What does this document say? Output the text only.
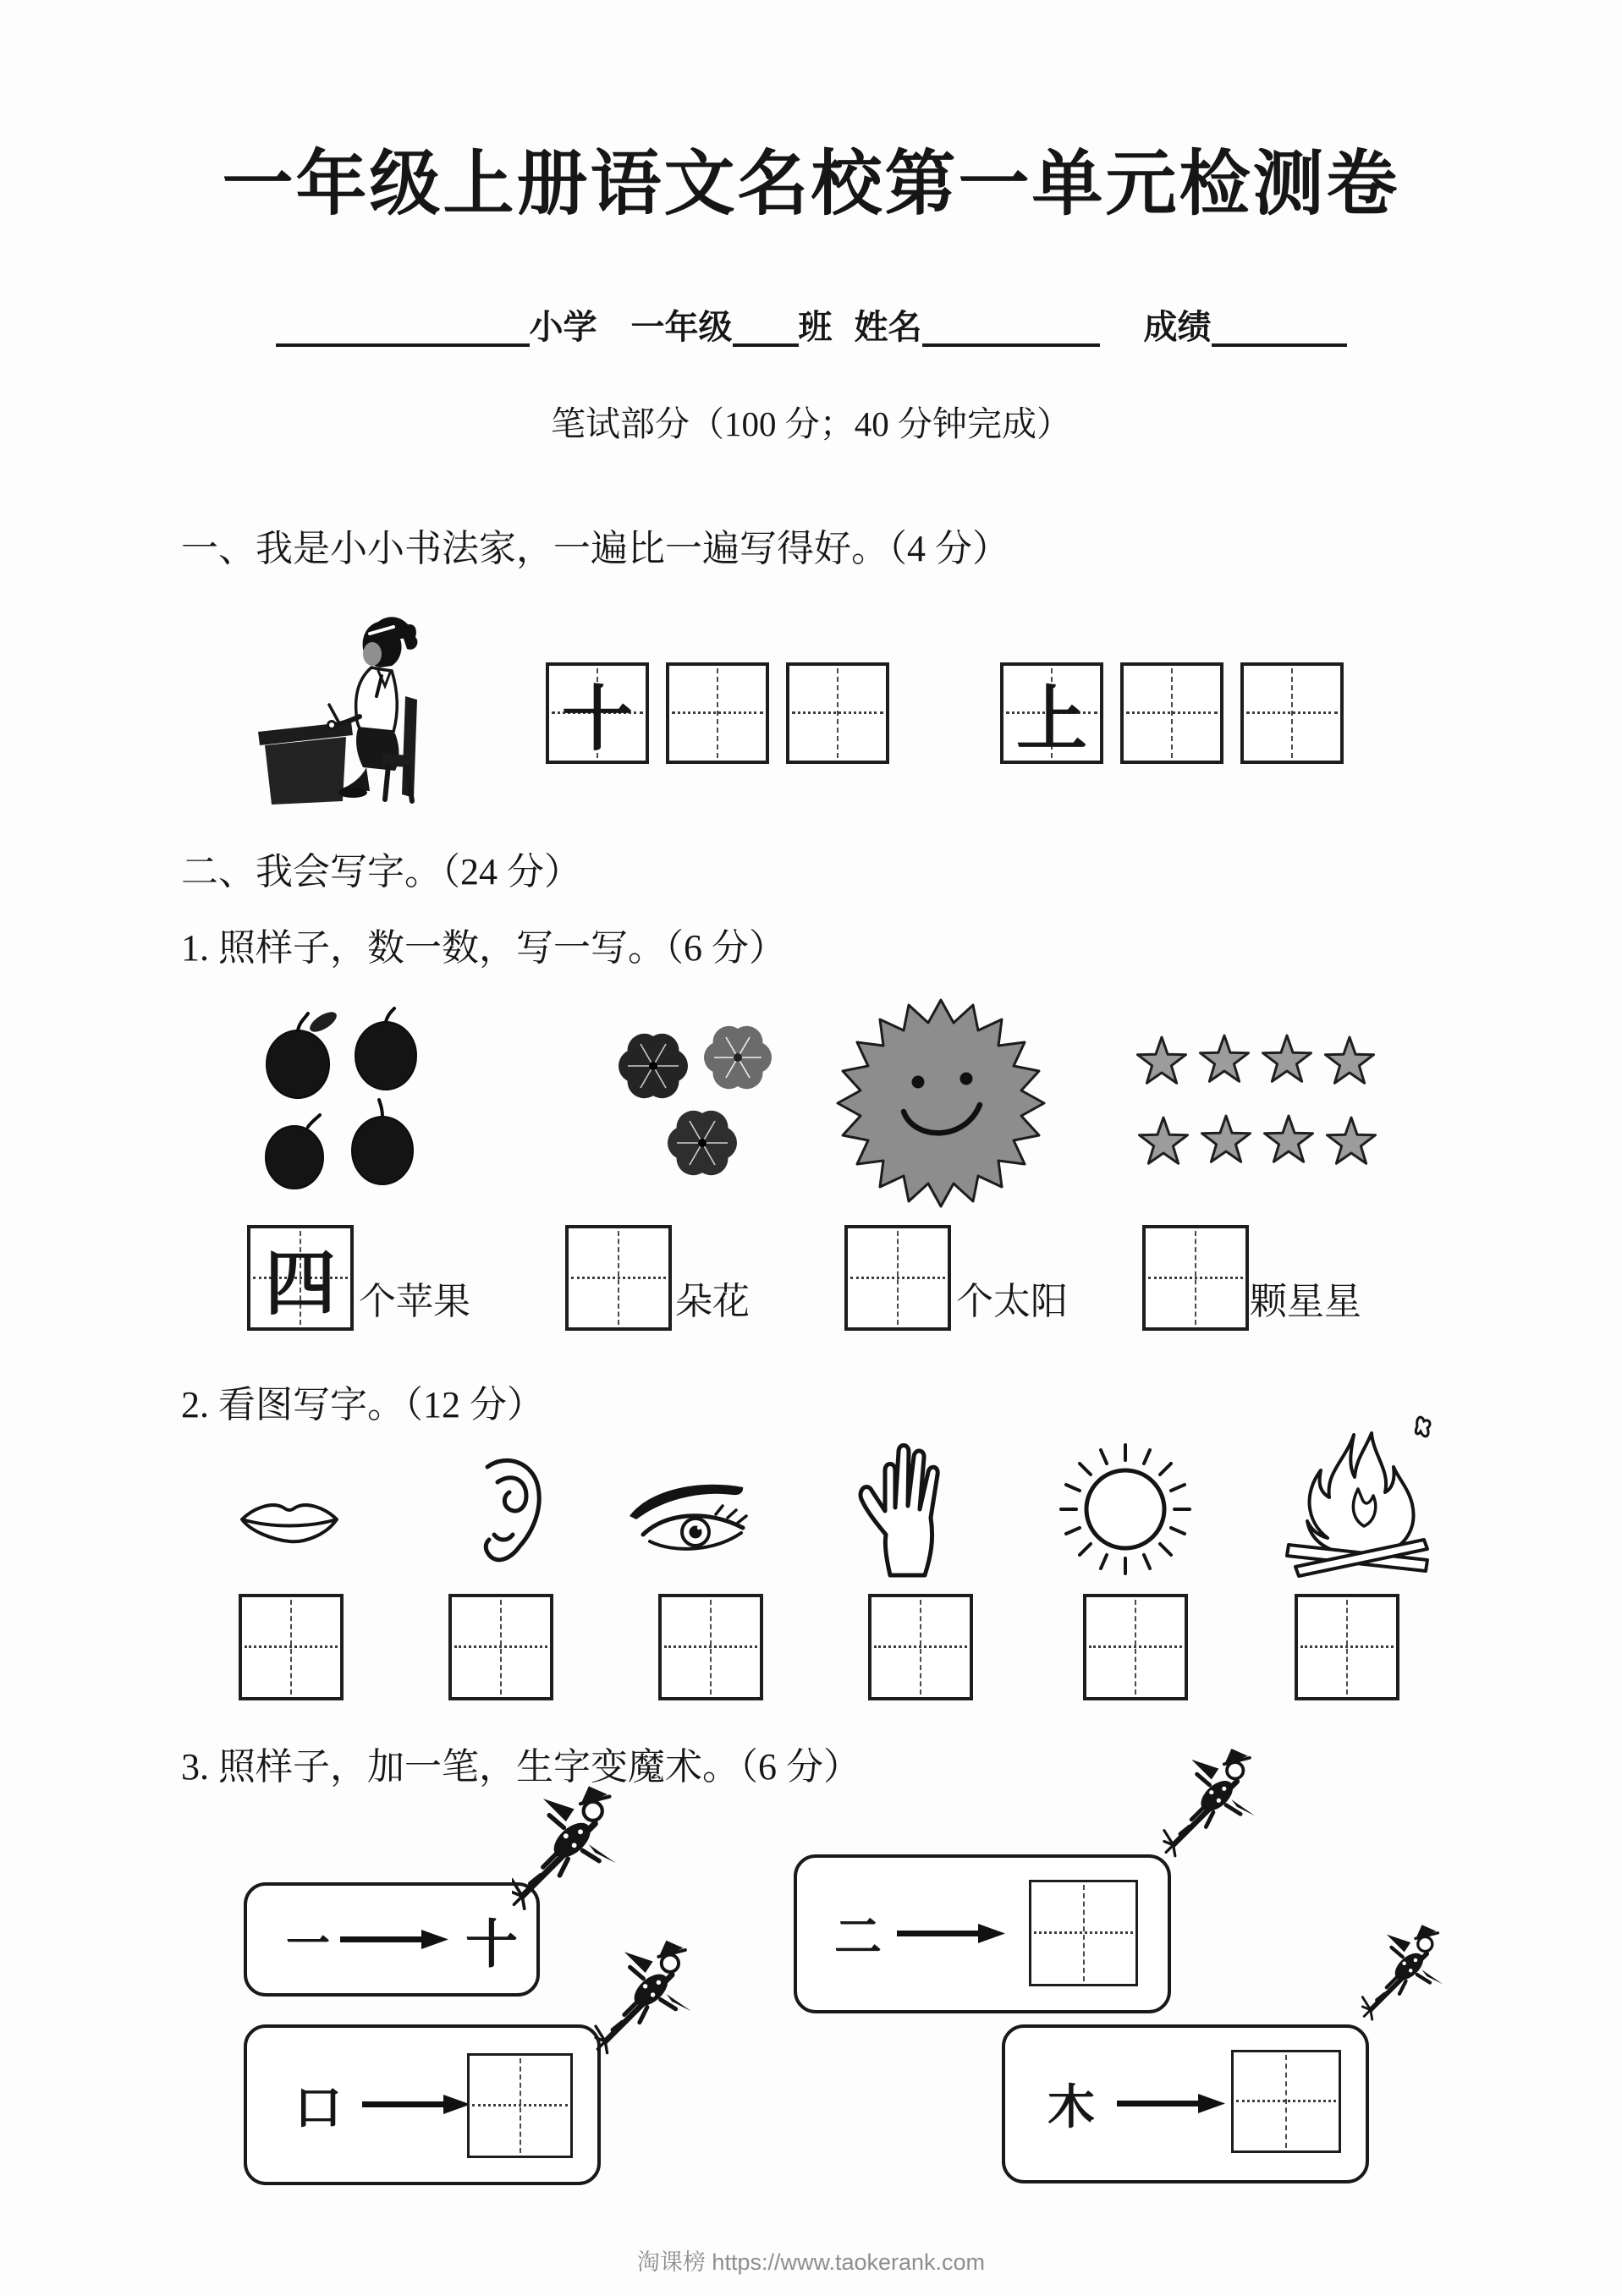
一年级上册语文名校第一单元检测卷
小学 一年级 班 姓名	成绩
笔试部分（100 分；40 分钟完成）
一、我是小小书法家，一遍比一遍写得好。（4 分）
十	上
二、我会写字。（24 分）
1. 照样子，数一数，写一写。（6 分）
四 个苹果	朵花	个太阳	颗星星
2. 看图写字。（12 分）
3. 照样子，加一笔，生字变魔术。（6 分）
一	十	二
口	木
淘课榜 https://www.taokerank.com
